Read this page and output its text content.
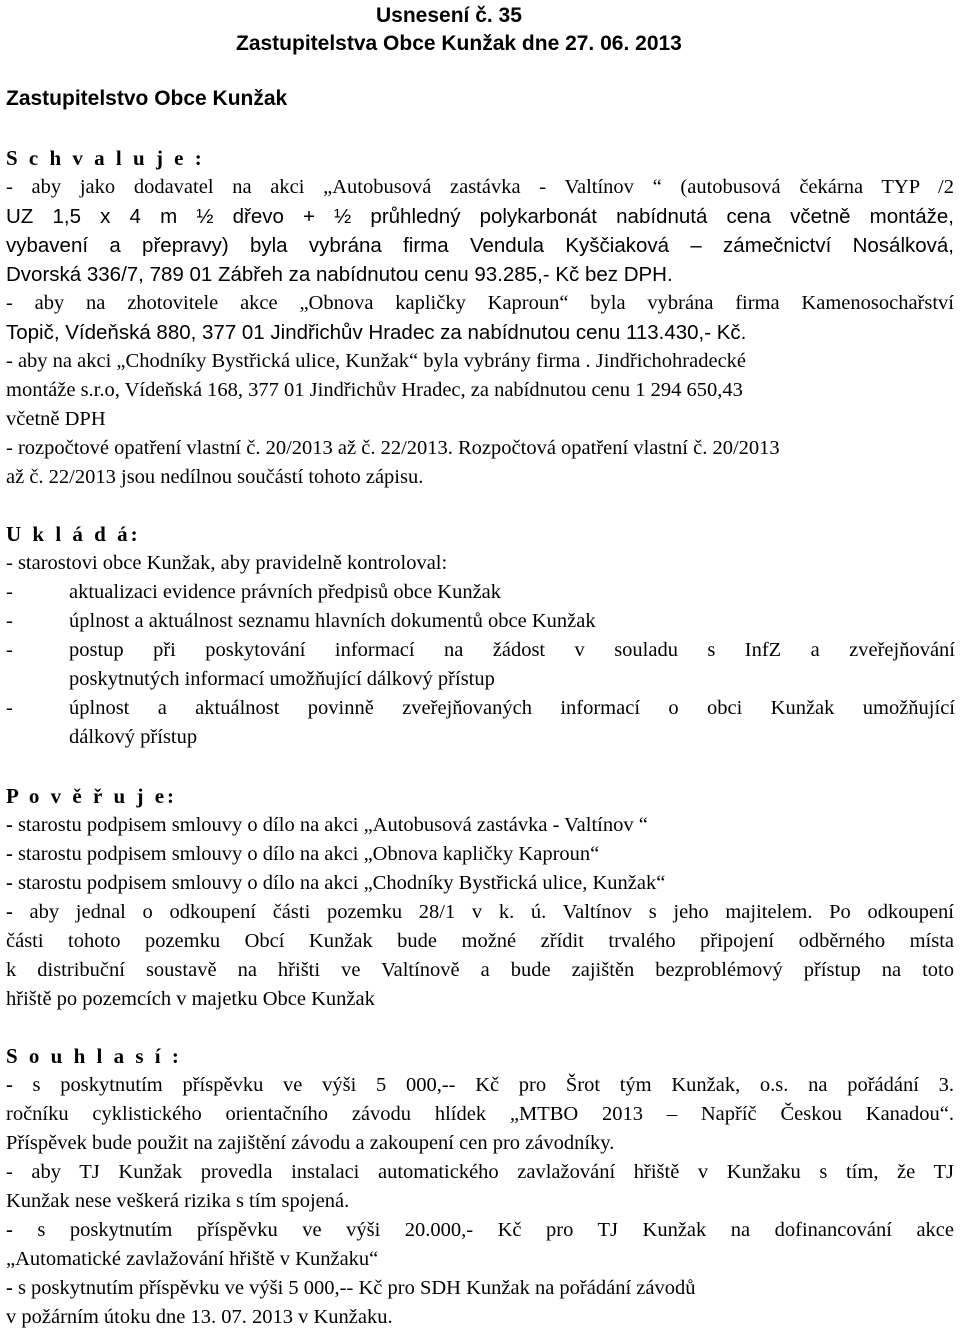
Usnesení č. 35
Zastupitelstva Obce Kunžak dne 27. 06. 2013
Zastupitelstvo Obce Kunžak
S c h v a l u j e :
- aby jako dodavatel na akci „Autobusová zastávka - Valtínov “ (autobusová čekárna TYP /2
UZ 1,5 x 4 m ½ dřevo + ½ průhledný polykarbonát nabídnutá cena včetně montáže,
vybavení a přepravy) byla vybrána firma Vendula Kyščiaková – zámečnictví Nosálková,
Dvorská 336/7, 789 01 Zábřeh za nabídnutou cenu 93.285,- Kč bez DPH.
- aby na zhotovitele akce „Obnova kapličky Kaproun“ byla vybrána firma Kamenosochařství
Topič, Vídeňská 880, 377 01 Jindřichův Hradec za nabídnutou cenu 113.430,- Kč.
- aby na akci „Chodníky Bystřická ulice, Kunžak“ byla vybrány firma . Jindřichohradecké
montáže s.r.o, Vídeňská 168, 377 01 Jindřichův Hradec, za nabídnutou cenu 1 294 650,43
včetně DPH
- rozpočtové opatření vlastní č. 20/2013 až č. 22/2013. Rozpočtová opatření vlastní č. 20/2013
až č. 22/2013 jsou nedílnou součástí tohoto zápisu.
U k l á d á:
- starostovi obce Kunžak, aby pravidelně kontroloval:
-	aktualizaci evidence právních předpisů obce Kunžak
-	úplnost a aktuálnost seznamu hlavních dokumentů obce Kunžak
-	postup při poskytování informací na žádost v souladu s InfZ a zveřejňování
poskytnutých informací umožňující dálkový přístup
-	úplnost a aktuálnost povinně zveřejňovaných informací o obci Kunžak umožňující
dálkový přístup
P o v ě ř u j e:
- starostu podpisem smlouvy o dílo na akci „Autobusová zastávka - Valtínov “
- starostu podpisem smlouvy o dílo na akci „Obnova kapličky Kaproun“
- starostu podpisem smlouvy o dílo na akci „Chodníky Bystřická ulice, Kunžak“
- aby jednal o odkoupení části pozemku 28/1 v k. ú. Valtínov s jeho majitelem. Po odkoupení
části tohoto pozemku Obcí Kunžak bude možné zřídit trvalého připojení odběrného místa
k distribuční soustavě na hřišti ve Valtínově a bude zajištěn bezproblémový přístup na toto
hřiště po pozemcích v majetku Obce Kunžak
S o u h l a s í :
- s poskytnutím příspěvku ve výši 5 000,-- Kč pro Šrot tým Kunžak, o.s. na pořádání 3.
ročníku cyklistického orientačního závodu hlídek „MTBO 2013 – Napříč Českou Kanadou“.
Příspěvek bude použit na zajištění závodu a zakoupení cen pro závodníky.
- aby TJ Kunžak provedla instalaci automatického zavlažování hřiště v Kunžaku s tím, že TJ
Kunžak nese veškerá rizika s tím spojená.
- s poskytnutím příspěvku ve výši 20.000,- Kč pro TJ Kunžak na dofinancování akce
„Automatické zavlažování hřiště v Kunžaku“
- s poskytnutím příspěvku ve výši 5 000,-- Kč pro SDH Kunžak na pořádání závodů
v požárním útoku dne 13. 07. 2013 v Kunžaku.
